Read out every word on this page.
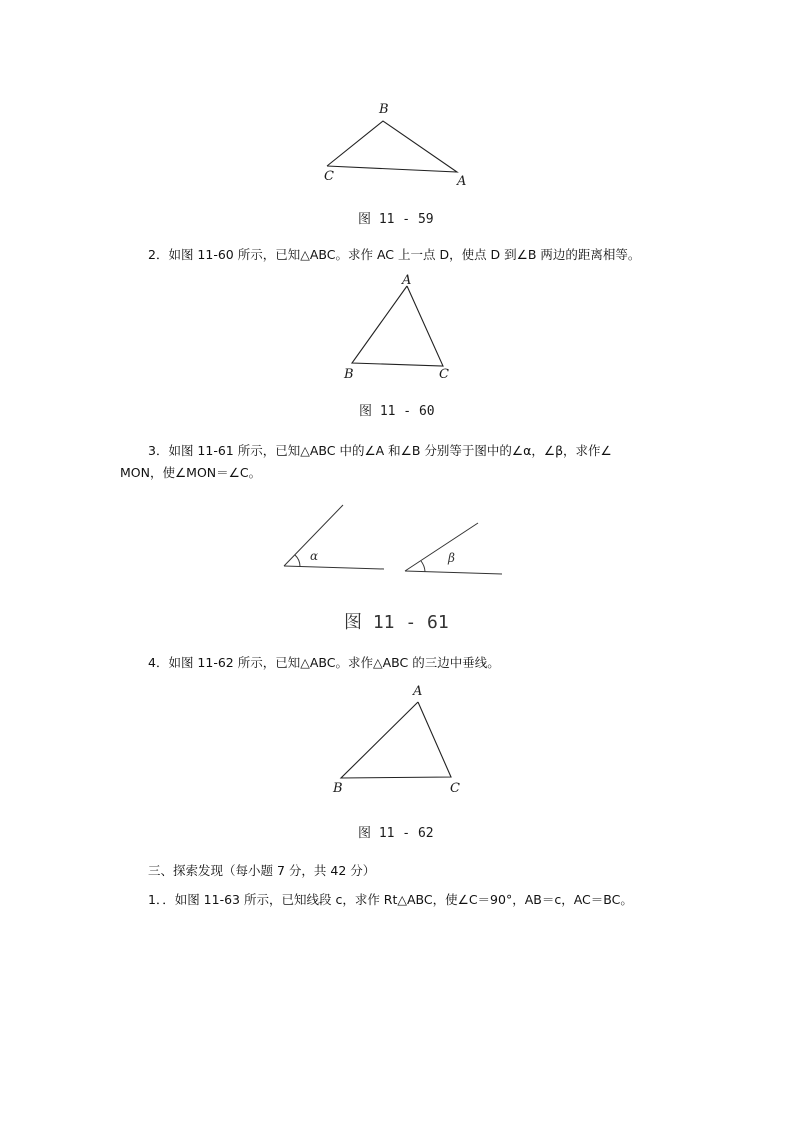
B
C	A
图 11 - 59
2．如图 11-60 所示，已知△ABC。求作 AC 上一点 D，使点 D 到∠B 两边的距离相等。
A
B	C
图 11 - 60
3．如图 11-61 所示，已知△ABC 中的∠A 和∠B 分别等于图中的∠α，∠β，求作∠
MON，使∠MON＝∠C。
α	β
图 11 - 61
4．如图 11-62 所示，已知△ABC。求作△ABC 的三边中垂线。
A
B	C
图 11 - 62
三、探索发现（每小题 7 分，共 42 分）
1．．如图 11-63 所示，已知线段 c，求作 Rt△ABC，使∠C＝90°，AB＝c，AC＝BC。
